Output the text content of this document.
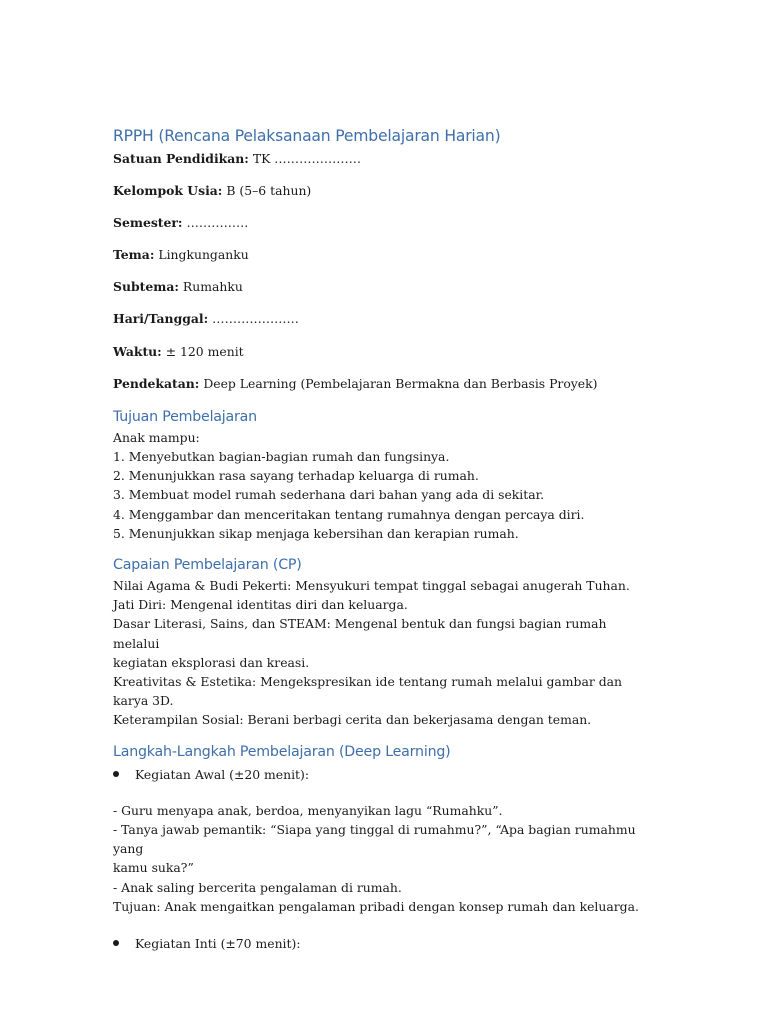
RPPH (Rencana Pelaksanaan Pembelajaran Harian)

Satuan Pendidikan: TK …………………

Kelompok Usia: B (5–6 tahun)

Semester: ……………

Tema: Lingkunganku

Subtema: Rumahku

Hari/Tanggal: …………………

Waktu: ± 120 menit

Pendekatan: Deep Learning (Pembelajaran Bermakna dan Berbasis Proyek)

Tujuan Pembelajaran

Anak mampu:
1. Menyebutkan bagian-bagian rumah dan fungsinya.
2. Menunjukkan rasa sayang terhadap keluarga di rumah.
3. Membuat model rumah sederhana dari bahan yang ada di sekitar.
4. Menggambar dan menceritakan tentang rumahnya dengan percaya diri.
5. Menunjukkan sikap menjaga kebersihan dan kerapian rumah.

Capaian Pembelajaran (CP)

Nilai Agama & Budi Pekerti: Mensyukuri tempat tinggal sebagai anugerah Tuhan.
Jati Diri: Mengenal identitas diri dan keluarga.
Dasar Literasi, Sains, dan STEAM: Mengenal bentuk dan fungsi bagian rumah melalui
kegiatan eksplorasi dan kreasi.
Kreativitas & Estetika: Mengekspresikan ide tentang rumah melalui gambar dan karya 3D.
Keterampilan Sosial: Berani berbagi cerita dan bekerjasama dengan teman.

Langkah-Langkah Pembelajaran (Deep Learning)
Kegiatan Awal (±20 menit):

- Guru menyapa anak, berdoa, menyanyikan lagu “Rumahku”.
- Tanya jawab pemantik: “Siapa yang tinggal di rumahmu?”, “Apa bagian rumahmu yang
kamu suka?”
- Anak saling bercerita pengalaman di rumah.
Tujuan: Anak mengaitkan pengalaman pribadi dengan konsep rumah dan keluarga.

Kegiatan Inti (±70 menit):
